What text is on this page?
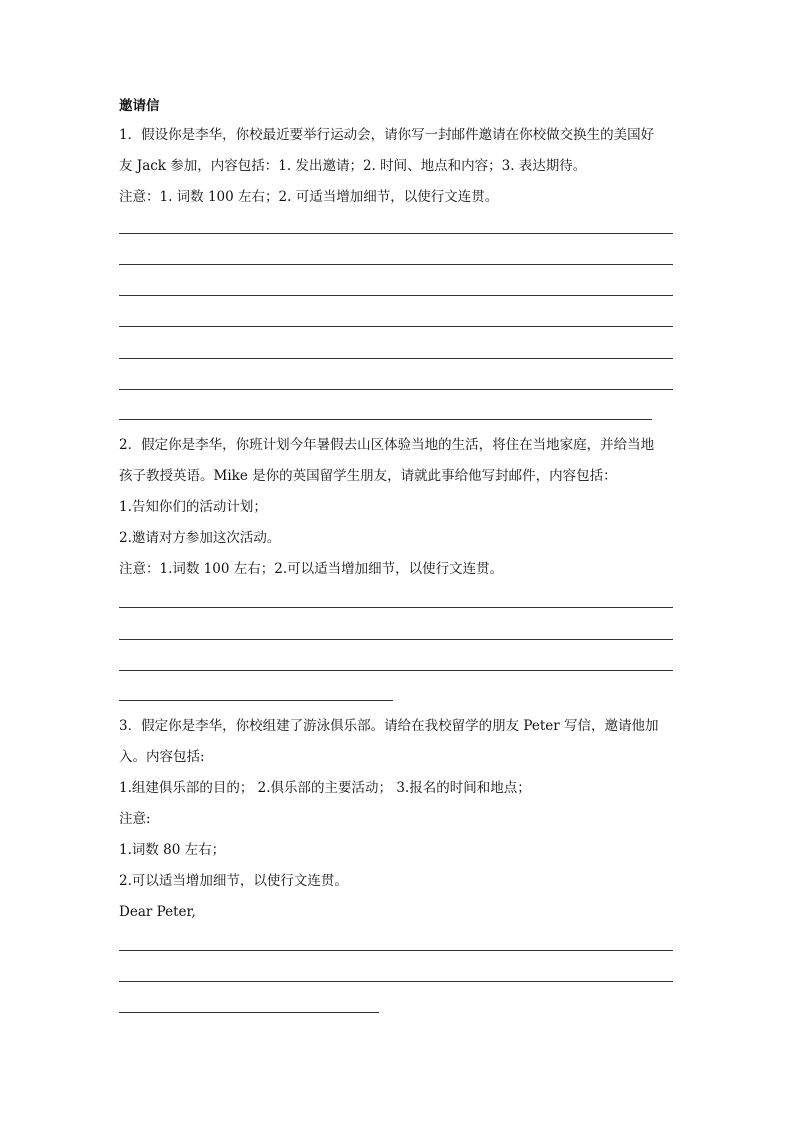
邀请信
1．假设你是李华，你校最近要举行运动会，请你写一封邮件邀请在你校做交换生的美国好
友 Jack 参加，内容包括：1. 发出邀请；2. 时间、地点和内容；3. 表达期待。
注意：1. 词数 100 左右；2. 可适当增加细节，以使行文连贯。
2．假定你是李华，你班计划今年暑假去山区体验当地的生活，将住在当地家庭，并给当地
孩子教授英语。Mike 是你的英国留学生朋友，请就此事给他写封邮件，内容包括：
1.告知你们的活动计划；
2.邀请对方参加这次活动。
注意：1.词数 100 左右；2.可以适当增加细节，以使行文连贯。
3．假定你是李华，你校组建了游泳俱乐部。请给在我校留学的朋友 Peter 写信，邀请他加
入。内容包括:
1.组建俱乐部的目的； 2.俱乐部的主要活动； 3.报名的时间和地点；
注意:
1.词数 80 左右；
2.可以适当增加细节，以使行文连贯。
Dear Peter,
